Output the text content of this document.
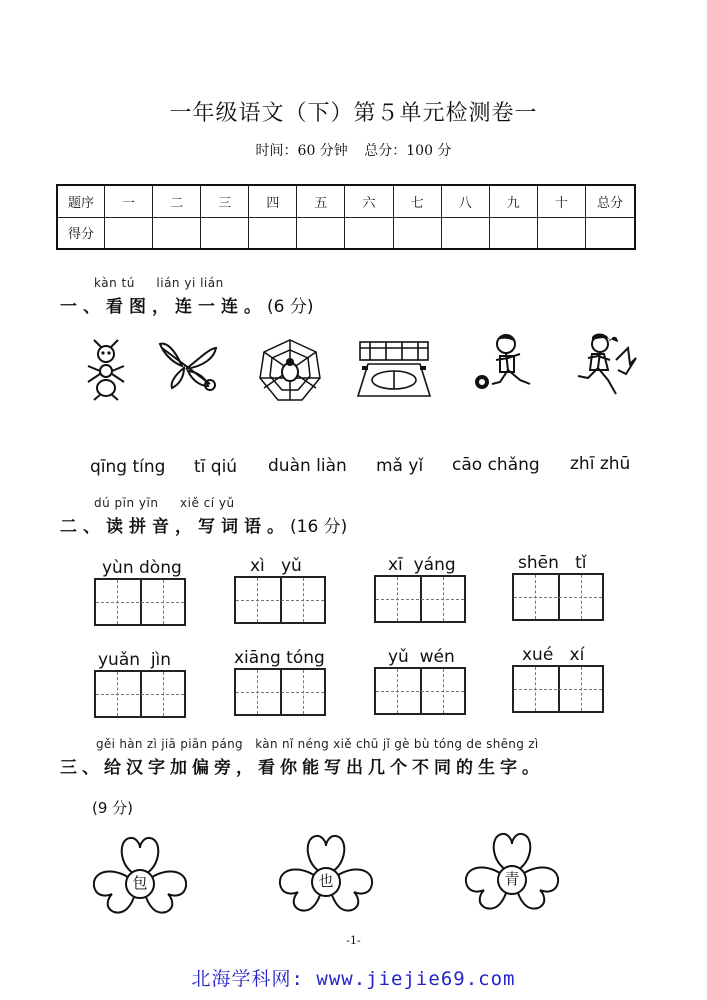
一年级语文（下）第５单元检测卷一
时间：60 分钟 总分：100 分
题序	一	二	三	四	五	六	七	八	九	十	总分
得分											
kàn tú     lián yi lián
一、看图，连一连。(6 分)
qīng tíng tī qiú duàn liàn mǎ yǐ cāo chǎng zhī zhū
dú pīn yīn     xiě cí yǔ
二、读拼音，写词语。(16 分)
yùn dòng	xì   yǔ	xī  yáng	shēn   tǐ
yuǎn  jìn	xiāng tóng	yǔ  wén	xué   xí
gěi hàn zì jiā piān páng   kàn nǐ néng xiě chū jǐ gè bù tóng de shēng zì
三、给汉字加偏旁，看你能写出几个不同的生字。
(9 分)
包	也	青
-1-
北海学科网: www.jiejie69.com
